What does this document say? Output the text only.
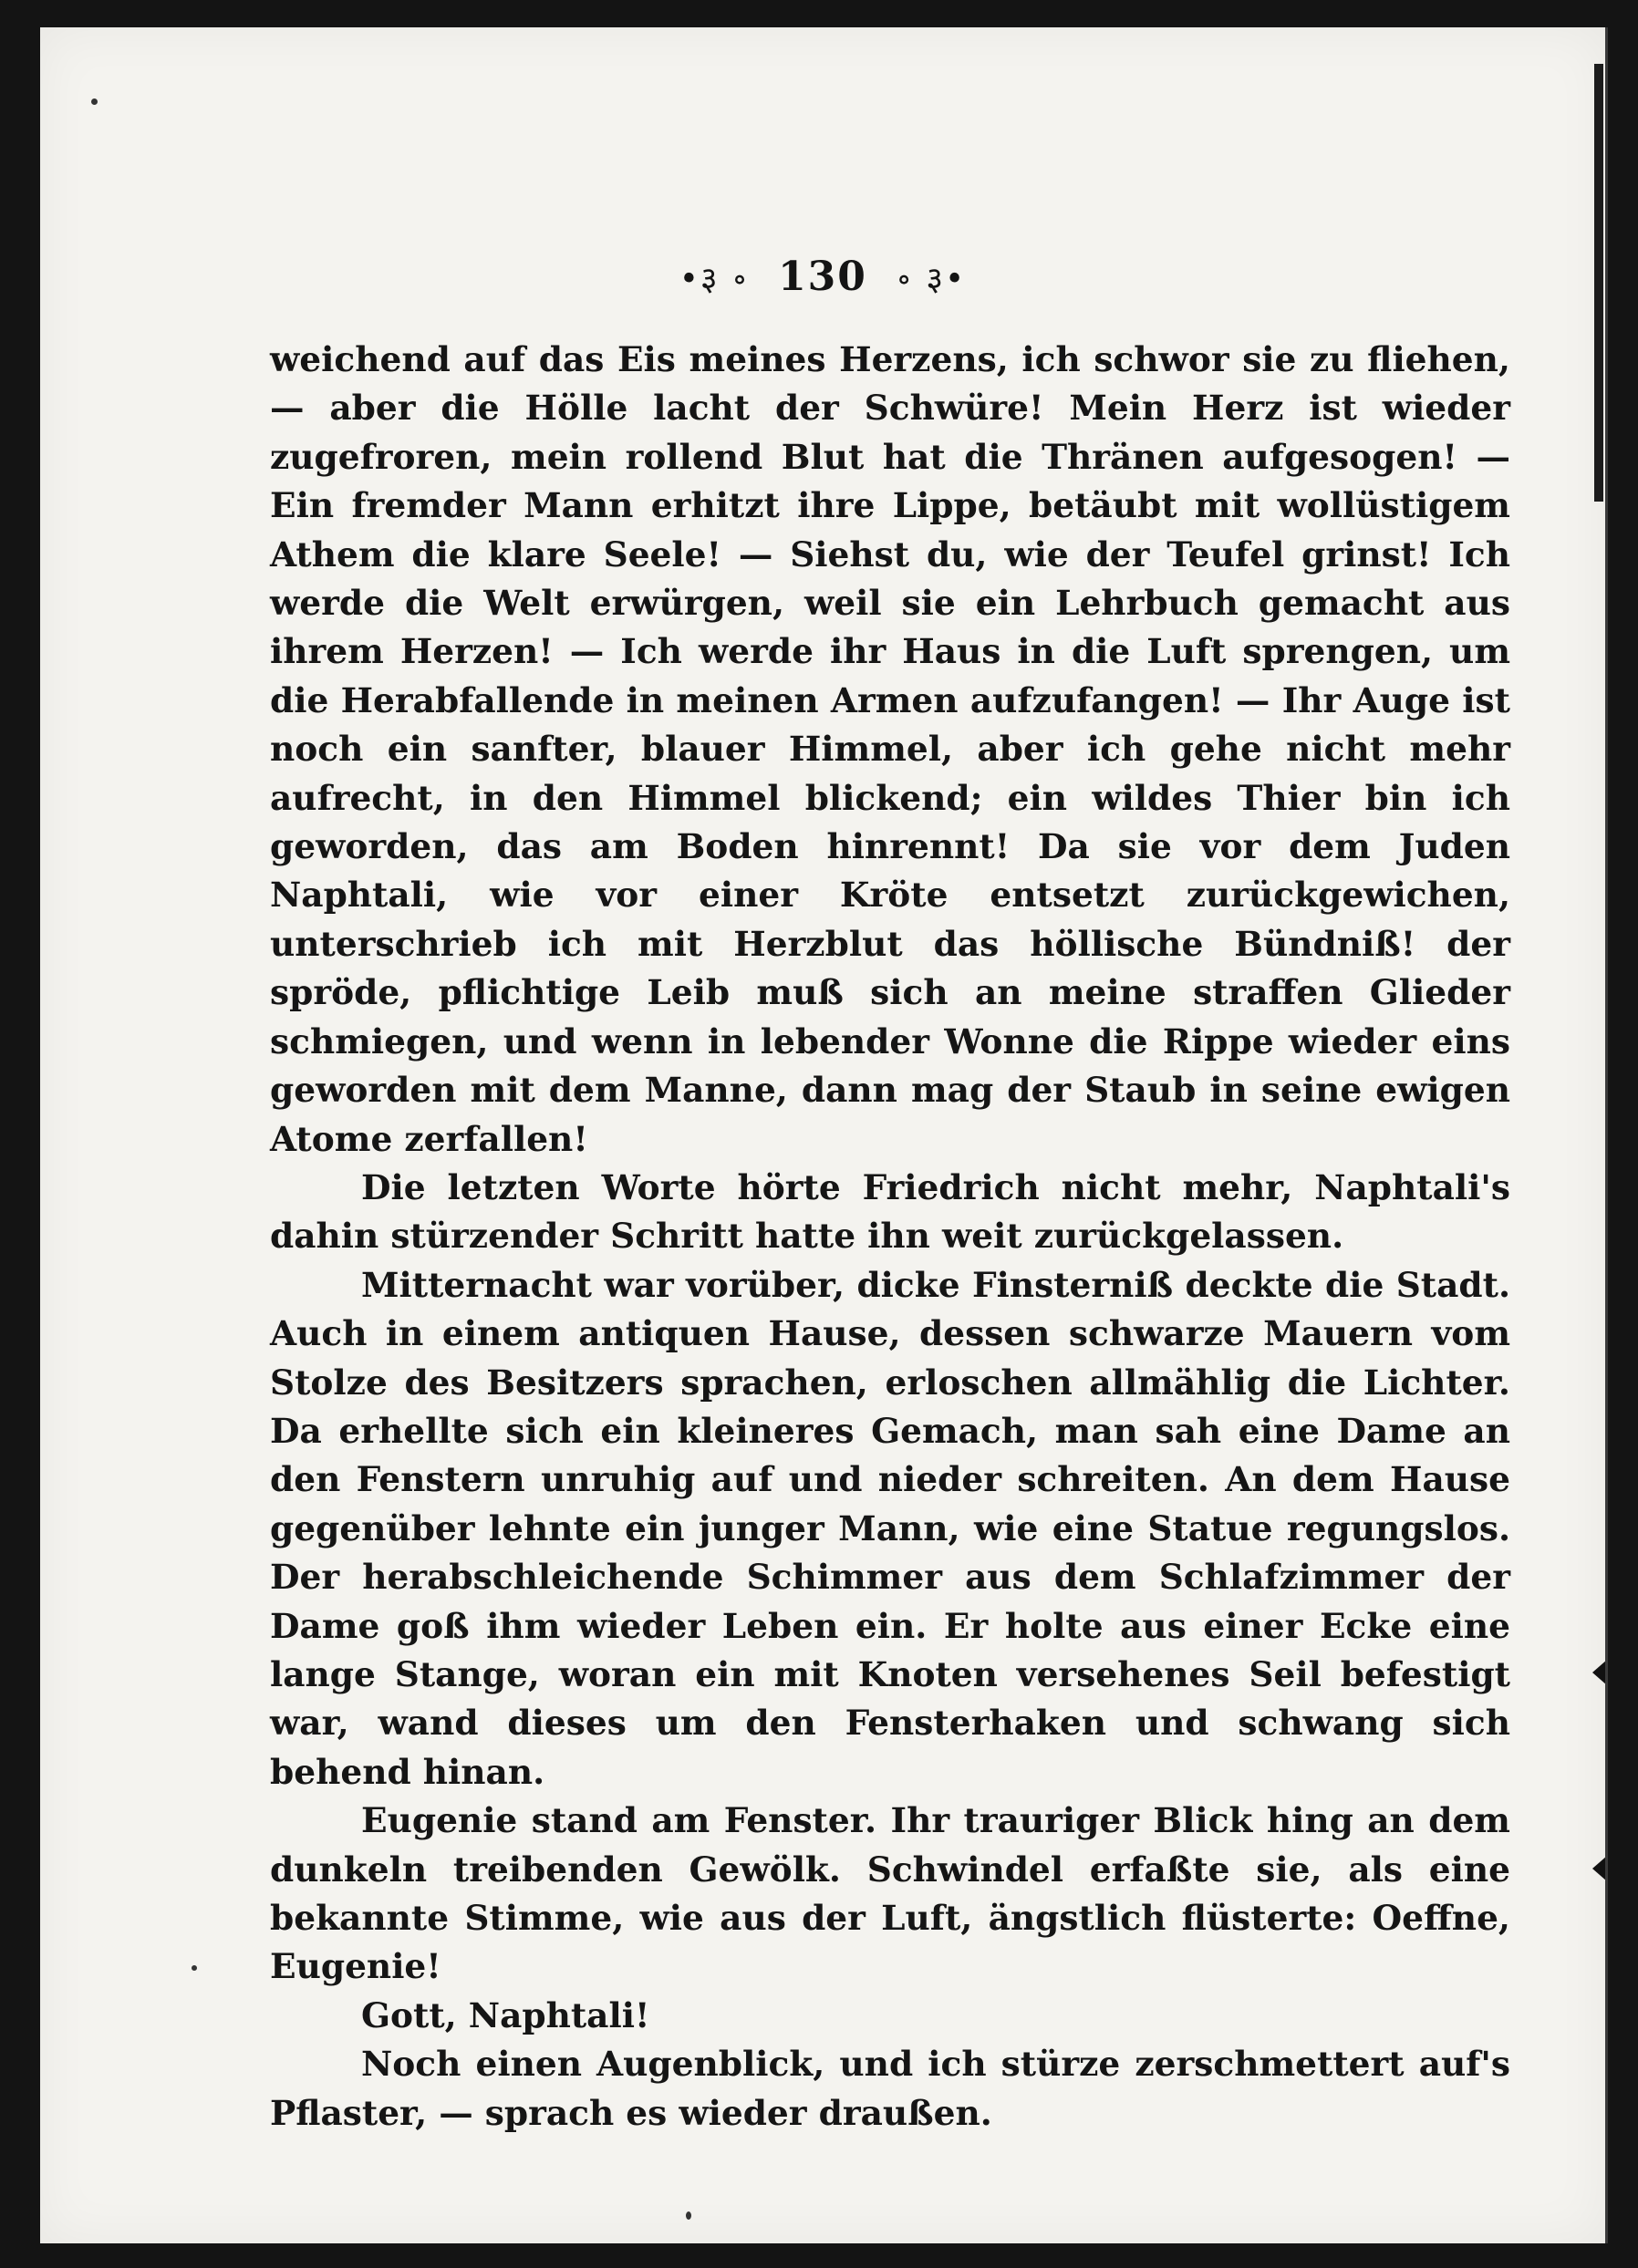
•३ ∘ 130 ∘ ३•

weichend auf das Eis meines Herzens, ich schwor sie zu fliehen, — aber die Hölle lacht der Schwüre! Mein Herz ist wieder zugefroren, mein rollend Blut hat die Thränen aufgesogen! — Ein fremder Mann erhitzt ihre Lippe, betäubt mit wollüstigem Athem die klare Seele! — Siehst du, wie der Teufel grinst! Ich werde die Welt erwürgen, weil sie ein Lehrbuch gemacht aus ihrem Herzen! — Ich werde ihr Haus in die Luft sprengen, um die Herabfallende in meinen Armen aufzufangen! — Ihr Auge ist noch ein sanfter, blauer Himmel, aber ich gehe nicht mehr aufrecht, in den Himmel blickend; ein wildes Thier bin ich geworden, das am Boden hinrennt! Da sie vor dem Juden Naphtali, wie vor einer Kröte entsetzt zurückgewichen, unterschrieb ich mit Herzblut das höllische Bündniß! der spröde, pflichtige Leib muß sich an meine straffen Glieder schmiegen, und wenn in lebender Wonne die Rippe wieder eins geworden mit dem Manne, dann mag der Staub in seine ewigen Atome zerfallen!

Die letzten Worte hörte Friedrich nicht mehr, Naphtali's dahin stürzender Schritt hatte ihn weit zurückgelassen.

Mitternacht war vorüber, dicke Finsterniß deckte die Stadt. Auch in einem antiquen Hause, dessen schwarze Mauern vom Stolze des Besitzers sprachen, erloschen allmählig die Lichter. Da erhellte sich ein kleineres Gemach, man sah eine Dame an den Fenstern unruhig auf und nieder schreiten. An dem Hause gegenüber lehnte ein junger Mann, wie eine Statue regungslos. Der herabschleichende Schimmer aus dem Schlafzimmer der Dame goß ihm wieder Leben ein. Er holte aus einer Ecke eine lange Stange, woran ein mit Knoten versehenes Seil befestigt war, wand dieses um den Fensterhaken und schwang sich behend hinan.

Eugenie stand am Fenster. Ihr trauriger Blick hing an dem dunkeln treibenden Gewölk. Schwindel erfaßte sie, als eine bekannte Stimme, wie aus der Luft, ängstlich flüsterte: Oeffne, Eugenie!

Gott, Naphtali!

Noch einen Augenblick, und ich stürze zerschmettert auf's Pflaster, — sprach es wieder draußen.
